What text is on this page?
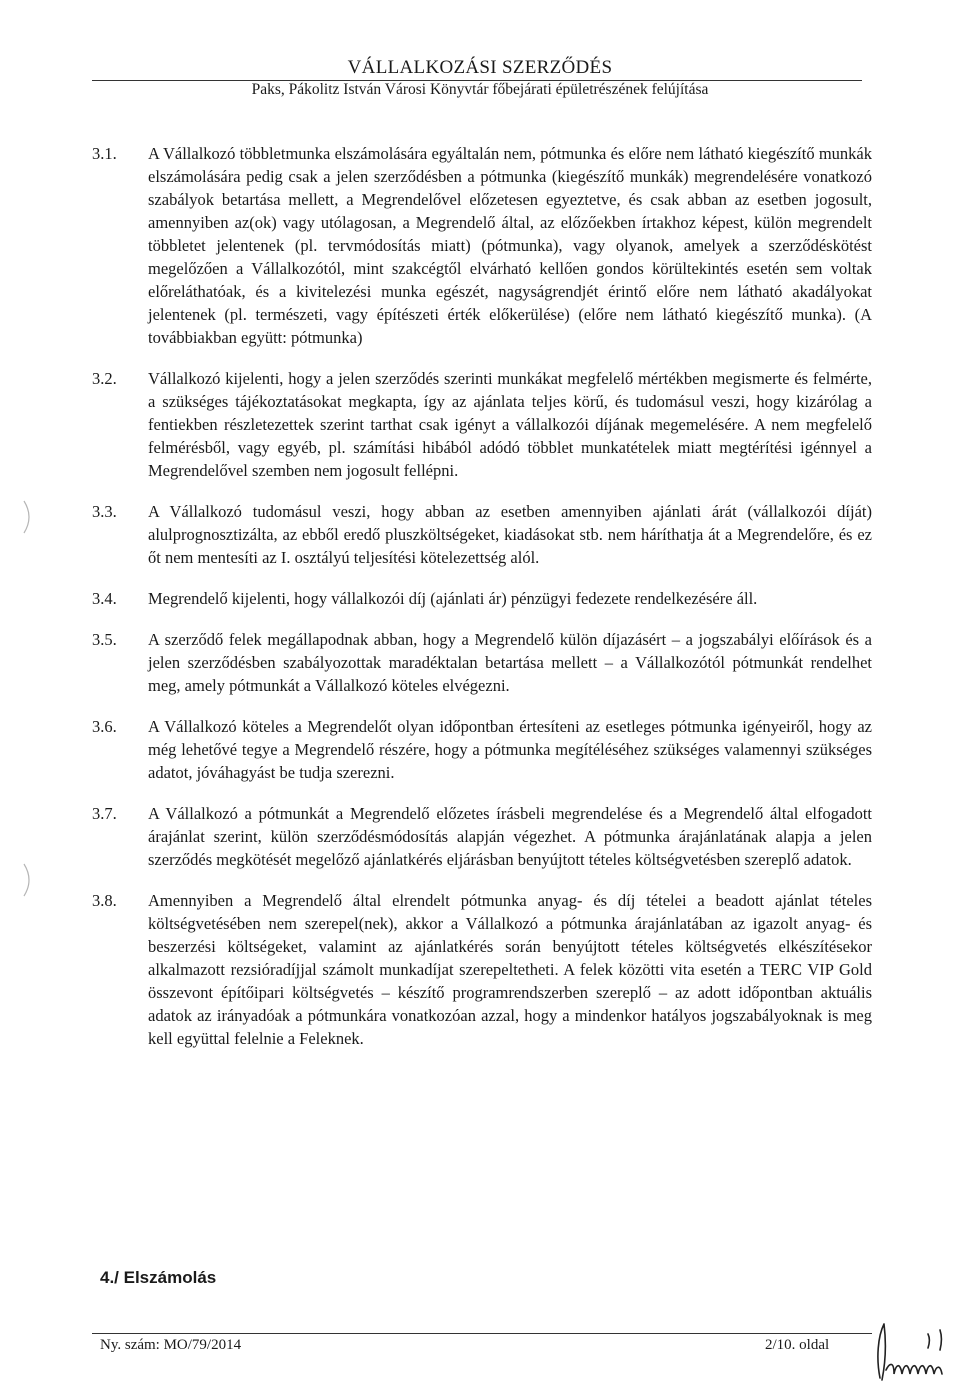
VÁLLALKOZÁSI SZERZŐDÉS
Paks, Pákolitz István Városi Könyvtár főbejárati épületrészének felújítása
3.1.	A Vállalkozó többletmunka elszámolására egyáltalán nem, pótmunka és előre nem látható kiegészítő munkák elszámolására pedig csak a jelen szerződésben a pótmunka (kiegészítő munkák) megrendelésére vonatkozó szabályok betartása mellett, a Megrendelővel előzetesen egyeztetve, és csak abban az esetben jogosult, amennyiben az(ok) vagy utólagosan, a Megrendelő által, az előzőekben írtakhoz képest, külön megrendelt többletet jelentenek (pl. tervmódosítás miatt) (pótmunka), vagy olyanok, amelyek a szerződéskötést megelőzően a Vállalkozótól, mint szakcégtől elvárható kellően gondos körültekintés esetén sem voltak előreláthatóak, és a kivitelezési munka egészét, nagyságrendjét érintő előre nem látható akadályokat jelentenek (pl. természeti, vagy építészeti érték előkerülése) (előre nem látható kiegészítő munka). (A továbbiakban együtt: pótmunka)
3.2.	Vállalkozó kijelenti, hogy a jelen szerződés szerinti munkákat megfelelő mértékben megismerte és felmérte, a szükséges tájékoztatásokat megkapta, így az ajánlata teljes körű, és tudomásul veszi, hogy kizárólag a fentiekben részletezettek szerint tarthat csak igényt a vállalkozói díjának megemelésére. A nem megfelelő felmérésből, vagy egyéb, pl. számítási hibából adódó többlet munkatételek miatt megtérítési igénnyel a Megrendelővel szemben nem jogosult fellépni.
3.3.	A Vállalkozó tudomásul veszi, hogy abban az esetben amennyiben ajánlati árát (vállalkozói díját) alulprognosztizálta, az ebből eredő pluszköltségeket, kiadásokat stb. nem háríthatja át a Megrendelőre, és ez őt nem mentesíti az I. osztályú teljesítési kötelezettség alól.
3.4.	Megrendelő kijelenti, hogy vállalkozói díj (ajánlati ár) pénzügyi fedezete rendelkezésére áll.
3.5.	A szerződő felek megállapodnak abban, hogy a Megrendelő külön díjazásért – a jogszabályi előírások és a jelen szerződésben szabályozottak maradéktalan betartása mellett – a Vállalkozótól pótmunkát rendelhet meg, amely pótmunkát a Vállalkozó köteles elvégezni.
3.6.	A Vállalkozó köteles a Megrendelőt olyan időpontban értesíteni az esetleges pótmunka igényeiről, hogy az még lehetővé tegye a Megrendelő részére, hogy a pótmunka megítéléséhez szükséges valamennyi szükséges adatot, jóváhagyást be tudja szerezni.
3.7.	A Vállalkozó a pótmunkát a Megrendelő előzetes írásbeli megrendelése és a Megrendelő által elfogadott árajánlat szerint, külön szerződésmódosítás alapján végezhet. A pótmunka árajánlatának alapja a jelen szerződés megkötését megelőző ajánlatkérés eljárásban benyújtott tételes költségvetésben szereplő adatok.
3.8.	Amennyiben a Megrendelő által elrendelt pótmunka anyag- és díj tételei a beadott ajánlat tételes költségvetésében nem szerepel(nek), akkor a Vállalkozó a pótmunka árajánlatában az igazolt anyag- és beszerzési költségeket, valamint az ajánlatkérés során benyújtott tételes költségvetés elkészítésekor alkalmazott rezsióradíjjal számolt munkadíjat szerepeltetheti. A felek közötti vita esetén a TERC VIP Gold összevont építőipari költségvetés – készítő programrendszerben szereplő – az adott időpontban aktuális adatok az irányadóak a pótmunkára vonatkozóan azzal, hogy a mindenkor hatályos jogszabályoknak is meg kell együttal felelnie a Feleknek.
4./ Elszámolás
Ny. szám: MO/79/2014	2/10. oldal
